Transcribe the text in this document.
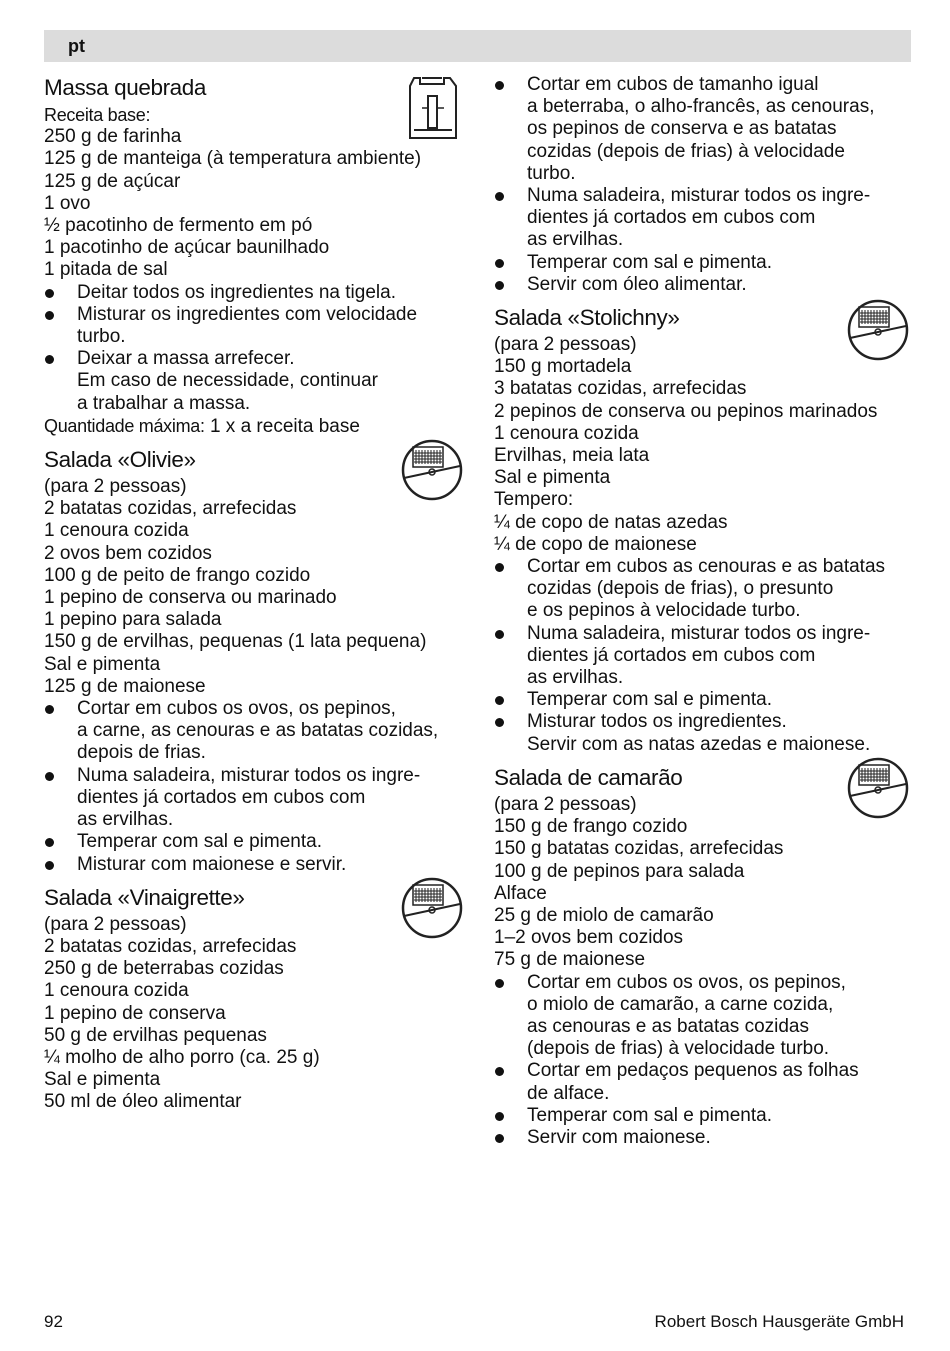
pt
Massa quebrada
Receita base:
250 g de farinha
125 g de manteiga (à temperatura ambiente)
125 g de açúcar
1 ovo
½ pacotinho de fermento em pó
1 pacotinho de açúcar baunilhado
1 pitada de sal
Deitar todos os ingredientes na tigela.
Misturar os ingredientes com velocidade
turbo.
Deixar a massa arrefecer.
Em caso de necessidade, continuar
a trabalhar a massa.
Quantidade máxima: 1 x a receita base
Salada «Olivie»
(para 2 pessoas)
2 batatas cozidas, arrefecidas
1 cenoura cozida
2 ovos bem cozidos
100 g de peito de frango cozido
1 pepino de conserva ou marinado
1 pepino para salada
150 g de ervilhas, pequenas (1 lata pequena)
Sal e pimenta
125 g de maionese
Cortar em cubos os ovos, os pepinos,
a carne, as cenouras e as batatas cozidas,
depois de frias.
Numa saladeira, misturar todos os ingre-
dientes já cortados em cubos com
as ervilhas.
Temperar com sal e pimenta.
Misturar com maionese e servir.
Salada «Vinaigrette»
(para 2 pessoas)
2 batatas cozidas, arrefecidas
250 g de beterrabas cozidas
1 cenoura cozida
1 pepino de conserva
50 g de ervilhas pequenas
¼ molho de alho porro (ca. 25 g)
Sal e pimenta
50 ml de óleo alimentar
Cortar em cubos de tamanho igual
a beterraba, o alho-francês, as cenouras,
os pepinos de conserva e as batatas
cozidas (depois de frias) à velocidade
turbo.
Numa saladeira, misturar todos os ingre-
dientes já cortados em cubos com
as ervilhas.
Temperar com sal e pimenta.
Servir com óleo alimentar.
Salada «Stolichny»
(para 2 pessoas)
150 g mortadela
3 batatas cozidas, arrefecidas
2 pepinos de conserva ou pepinos marinados
1 cenoura cozida
Ervilhas, meia lata
Sal e pimenta
Tempero:
¼ de copo de natas azedas
¼ de copo de maionese
Cortar em cubos as cenouras e as batatas
cozidas (depois de frias), o presunto
e os pepinos à velocidade turbo.
Numa saladeira, misturar todos os ingre-
dientes já cortados em cubos com
as ervilhas.
Temperar com sal e pimenta.
Misturar todos os ingredientes.
Servir com as natas azedas e maionese.
Salada de camarão
(para 2 pessoas)
150 g de frango cozido
150 g batatas cozidas, arrefecidas
100 g de pepinos para salada
Alface
25 g de miolo de camarão
1–2 ovos bem cozidos
75 g de maionese
Cortar em cubos os ovos, os pepinos,
o miolo de camarão, a carne cozida,
as cenouras e as batatas cozidas
(depois de frias) à velocidade turbo.
Cortar em pedaços pequenos as folhas
de alface.
Temperar com sal e pimenta.
Servir com maionese.
92	Robert Bosch Hausgeräte GmbH
